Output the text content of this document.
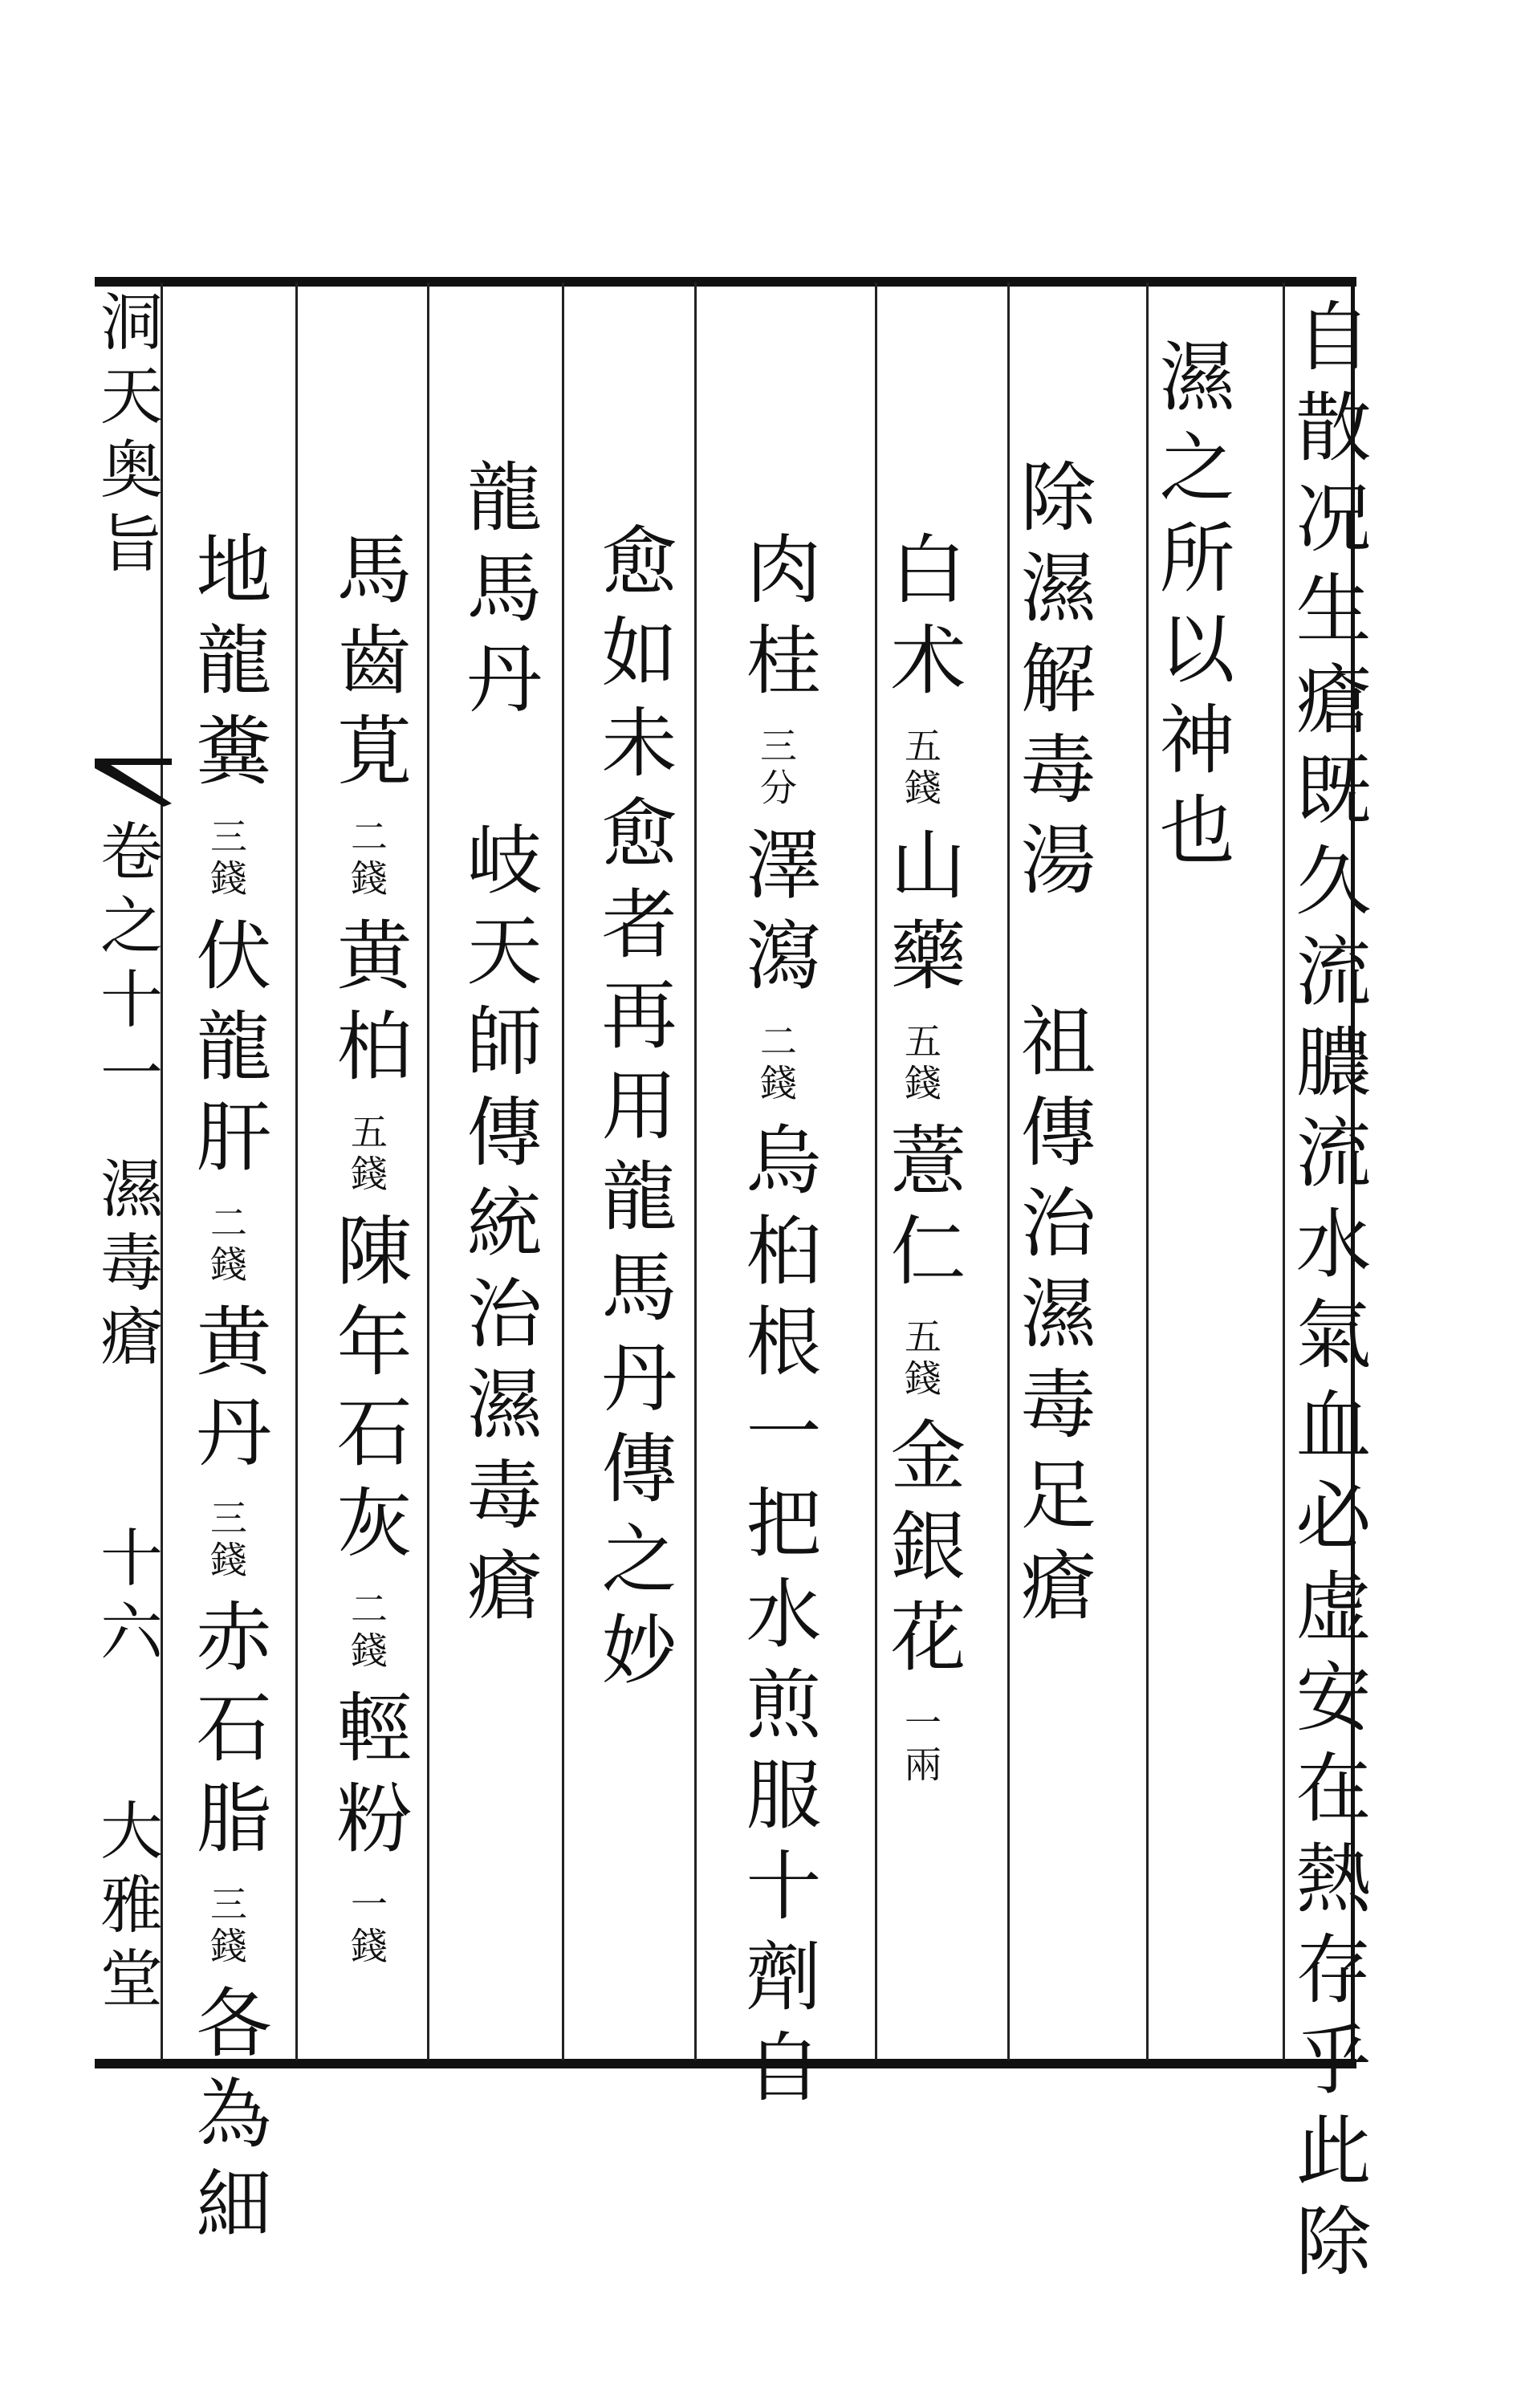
自散况生瘡既久流膿流水氣血必虚安在熱存乎此除
濕之所以神也
除濕解毒湯　祖傳治濕毒足瘡
白术 五錢 山藥 五錢 薏仁 五錢 金銀花 一兩
肉桂 三分 澤瀉 二錢 烏桕根一把水煎服十劑自
愈如未愈者再用龍馬丹傳之妙
龍馬丹　岐天師傳統治濕毒瘡
馬齒莧 二錢 黄柏 五錢 陳年石灰 二錢 輕粉 一錢
地龍糞 三錢 伏龍肝 二錢 黄丹 三錢 赤石脂 三錢 各為細
洞天奥旨
卷之十一
濕毒瘡
十六
大雅堂
